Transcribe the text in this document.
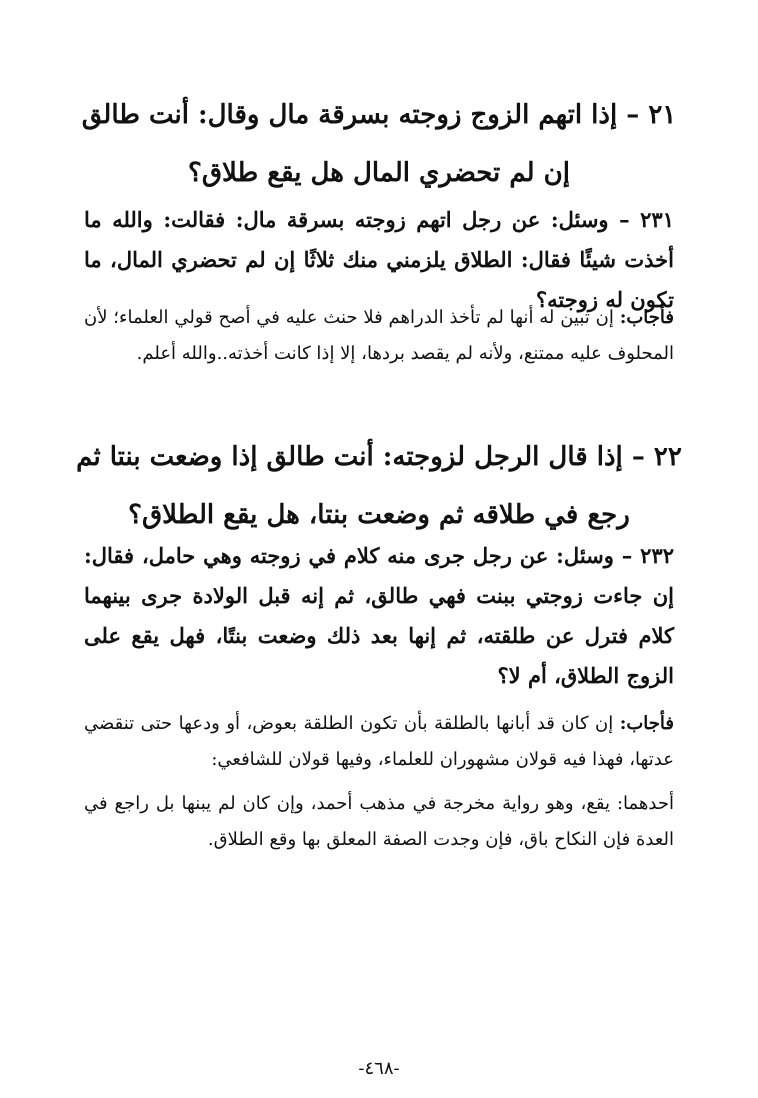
٢١ – إذا اتهم الزوج زوجته بسرقة مال وقال: أنت طالق إن لم تحضري المال هل يقع طلاق؟

٢٣١ – وسئل: عن رجل اتهم زوجته بسرقة مال: فقالت: والله ما أخذت شيئًا فقال: الطلاق يلزمني منك ثلاثًا إن لم تحضري المال، ما تكون له زوجته؟

فأجاب: إن تبين له أنها لم تأخذ الدراهم فلا حنث عليه في أصح قولي العلماء؛ لأن المحلوف عليه ممتنع، ولأنه لم يقصد بردها، إلا إذا كانت أخذته..والله أعلم.

٢٢ – إذا قال الرجل لزوجته: أنت طالق إذا وضعت بنتا ثم رجع في طلاقه ثم وضعت بنتا، هل يقع الطلاق؟

٢٣٢ – وسئل: عن رجل جرى منه كلام في زوجته وهي حامل، فقال: إن جاءت زوجتي ببنت فهي طالق، ثم إنه قبل الولادة جرى بينهما كلام فترل عن طلقته، ثم إنها بعد ذلك وضعت بنتًا، فهل يقع على الزوج الطلاق، أم لا؟

فأجاب: إن كان قد أبانها بالطلقة بأن تكون الطلقة بعوض، أو ودعها حتى تنقضي عدتها، فهذا فيه قولان مشهوران للعلماء، وفيها قولان للشافعي:

أحدهما: يقع، وهو رواية مخرجة في مذهب أحمد، وإن كان لم يبنها بل راجع في العدة فإن النكاح باق، فإن وجدت الصفة المعلق بها وقع الطلاق.

-٤٦٨-
